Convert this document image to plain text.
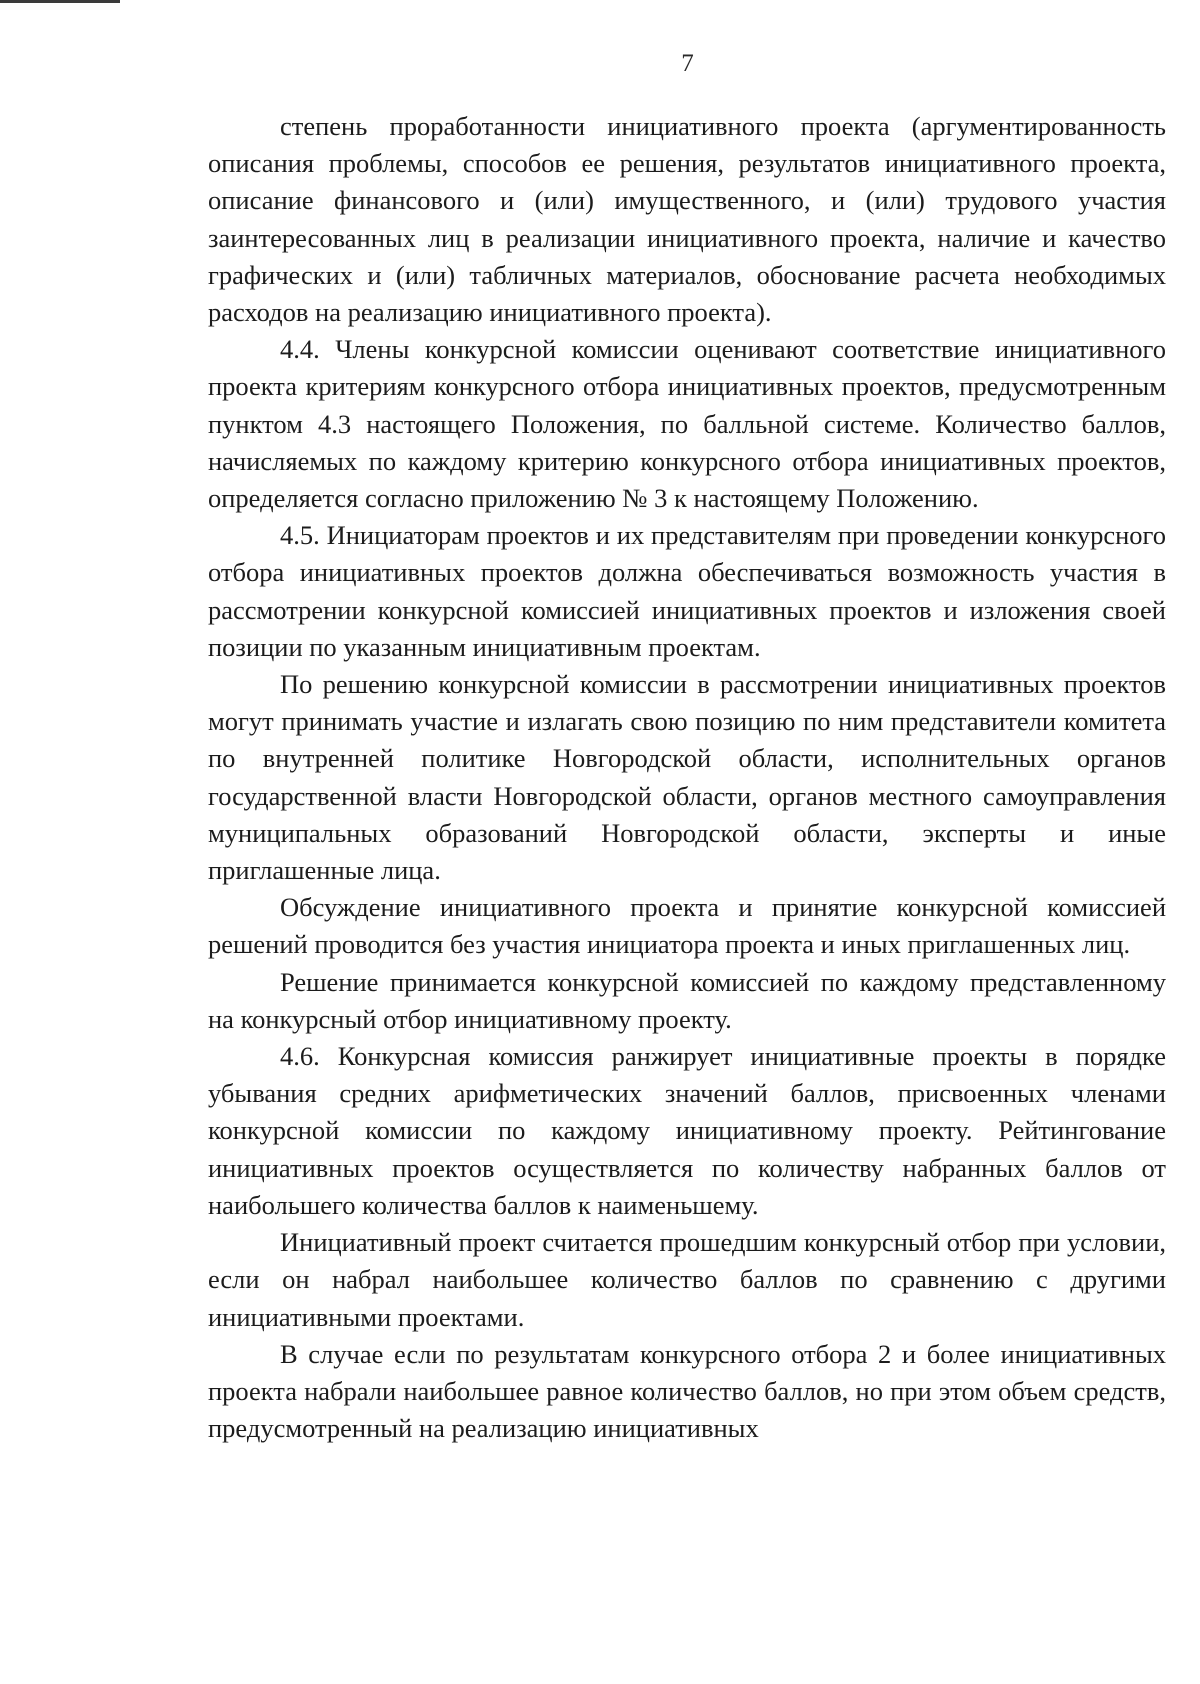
7

степень проработанности инициативного проекта (аргументированность описания проблемы, способов ее решения, результатов инициативного проекта, описание финансового и (или) имущественного, и (или) трудового участия заинтересованных лиц в реализации инициативного проекта, наличие и качество графических и (или) табличных материалов, обоснование расчета необходимых расходов на реализацию инициативного проекта).

4.4. Члены конкурсной комиссии оценивают соответствие инициативного проекта критериям конкурсного отбора инициативных проектов, предусмотренным пунктом 4.3 настоящего Положения, по балльной системе. Количество баллов, начисляемых по каждому критерию конкурсного отбора инициативных проектов, определяется согласно приложению № 3 к настоящему Положению.

4.5. Инициаторам проектов и их представителям при проведении конкурсного отбора инициативных проектов должна обеспечиваться возможность участия в рассмотрении конкурсной комиссией инициативных проектов и изложения своей позиции по указанным инициативным проектам.

По решению конкурсной комиссии в рассмотрении инициативных проектов могут принимать участие и излагать свою позицию по ним представители комитета по внутренней политике Новгородской области, исполнительных органов государственной власти Новгородской области, органов местного самоуправления муниципальных образований Новгородской области, эксперты и иные приглашенные лица.

Обсуждение инициативного проекта и принятие конкурсной комиссией решений проводится без участия инициатора проекта и иных приглашенных лиц.

Решение принимается конкурсной комиссией по каждому представленному на конкурсный отбор инициативному проекту.

4.6. Конкурсная комиссия ранжирует инициативные проекты в порядке убывания средних арифметических значений баллов, присвоенных членами конкурсной комиссии по каждому инициативному проекту. Рейтингование инициативных проектов осуществляется по количеству набранных баллов от наибольшего количества баллов к наименьшему.

Инициативный проект считается прошедшим конкурсный отбор при условии, если он набрал наибольшее количество баллов по сравнению с другими инициативными проектами.

В случае если по результатам конкурсного отбора 2 и более инициативных проекта набрали наибольшее равное количество баллов, но при этом объем средств, предусмотренный на реализацию инициативных
